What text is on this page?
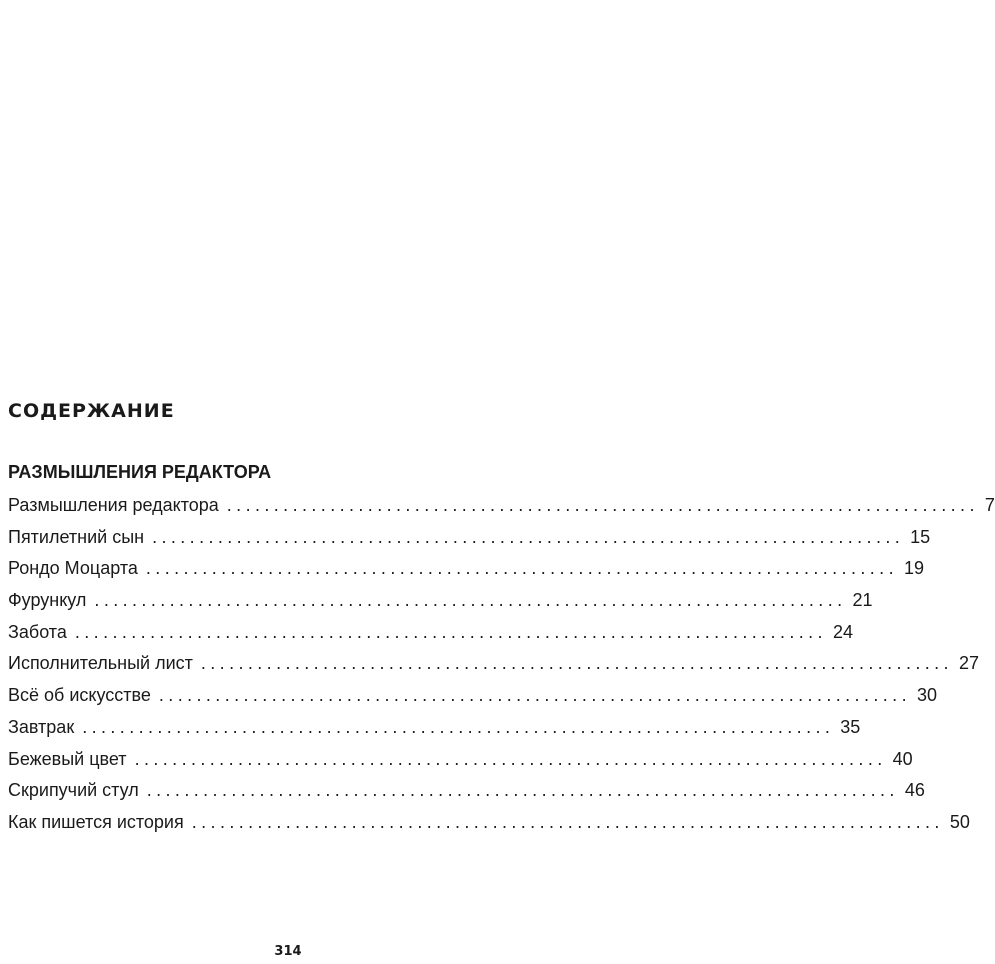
СОДЕРЖАНИЕ
РАЗМЫШЛЕНИЯ РЕДАКТОРА
Размышления редактора ................................................................................ 7
Пятилетний сын ................................................................................ 15
Рондо Моцарта ................................................................................ 19
Фурункул ................................................................................ 21
Забота ................................................................................ 24
Исполнительный лист ................................................................................ 27
Всё об искусстве ................................................................................ 30
Завтрак ................................................................................ 35
Бежевый цвет ................................................................................ 40
Скрипучий стул ................................................................................ 46
Как пишется история ................................................................................ 50
314
